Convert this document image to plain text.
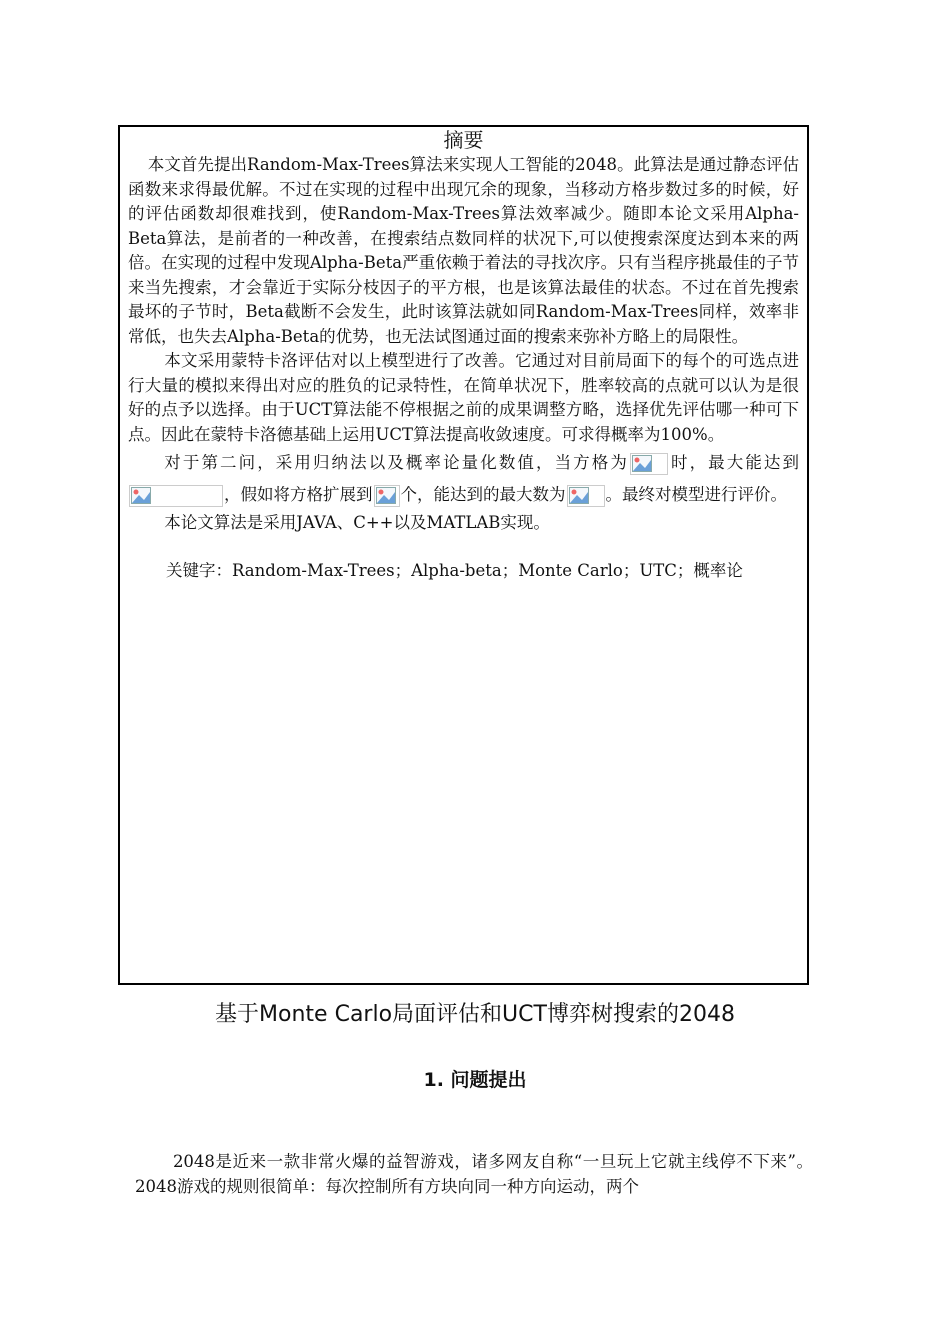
摘要

本文首先提出Random-Max-Trees算法来实现人工智能的2048。此算法是通过静态评估函数来求得最优解。不过在实现的过程中出现冗余的现象，当移动方格步数过多的时候，好的评估函数却很难找到，使Random-Max-Trees算法效率减少。随即本论文采用Alpha-Beta算法，是前者的一种改善，在搜索结点数同样的状况下,可以使搜索深度达到本来的两倍。在实现的过程中发现Alpha-Beta严重依赖于着法的寻找次序。只有当程序挑最佳的子节来当先搜索，才会靠近于实际分枝因子的平方根，也是该算法最佳的状态。不过在首先搜索最坏的子节时，Beta截断不会发生，此时该算法就如同Random-Max-Trees同样，效率非常低，也失去Alpha-Beta的优势，也无法试图通过面的搜索来弥补方略上的局限性。

本文采用蒙特卡洛评估对以上模型进行了改善。它通过对目前局面下的每个的可选点进行大量的模拟来得出对应的胜负的记录特性，在简单状况下，胜率较高的点就可以认为是很好的点予以选择。由于UCT算法能不停根据之前的成果调整方略，选择优先评估哪一种可下点。因此在蒙特卡洛德基础上运用UCT算法提高收敛速度。可求得概率为100%。

对于第二问，采用归纳法以及概率论量化数值，当方格为 时，最大能达到
，假如将方格扩展到 个，能达到的最大数为 。最终对模型进行评价。

本论文算法是采用JAVA、C++以及MATLAB实现。

关键字：Random-Max-Trees；Alpha-beta；Monte Carlo；UTC；概率论
基于Monte Carlo局面评估和UCT博弈树搜索的2048
1. 问题提出

2048是近来一款非常火爆的益智游戏，诸多网友自称“一旦玩上它就主线停不下来”。2048游戏的规则很简单：每次控制所有方块向同一种方向运动，两个
